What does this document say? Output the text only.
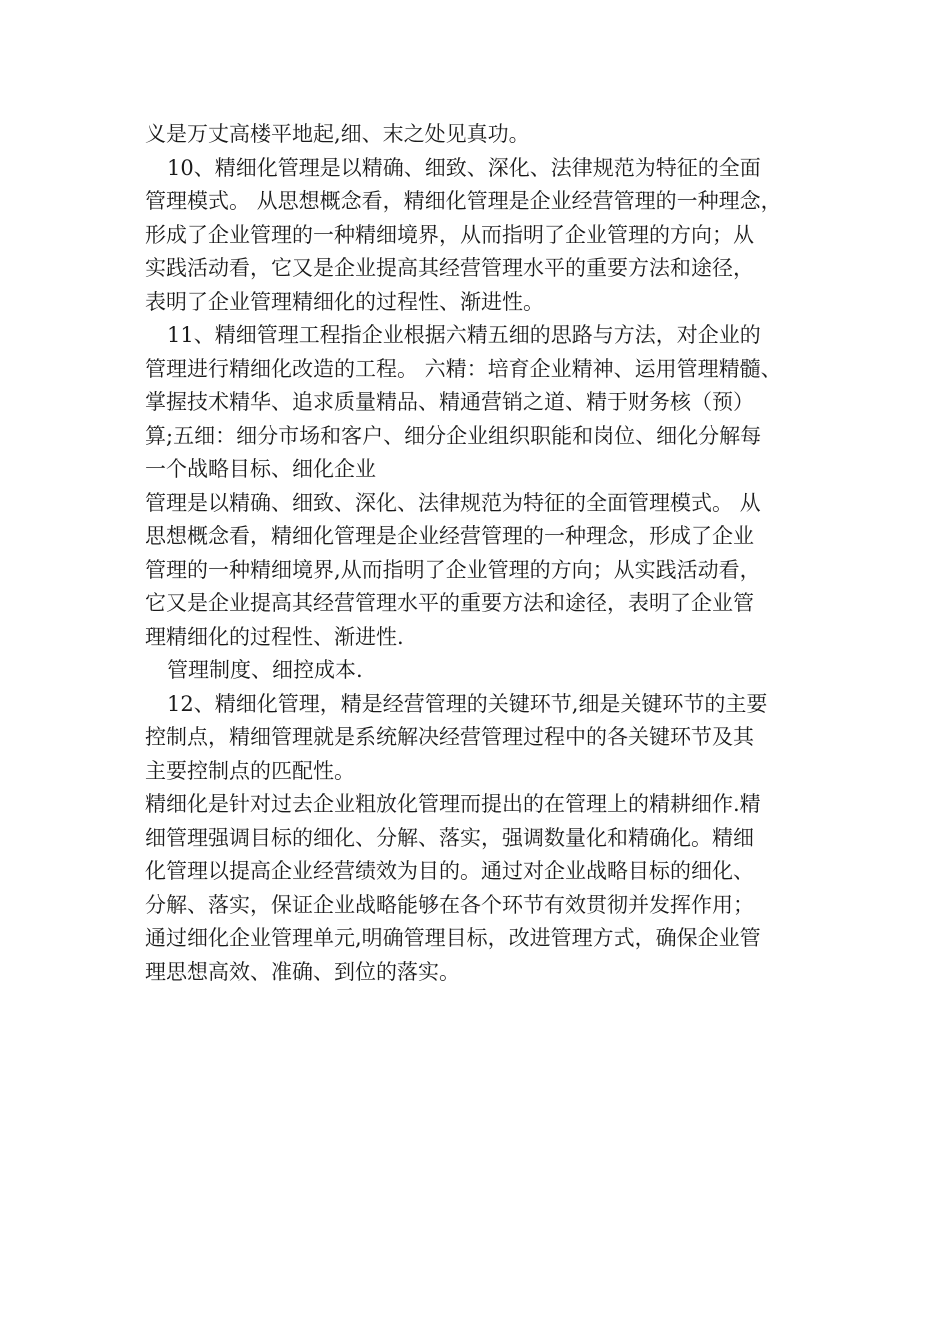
义是万丈高楼平地起,细、末之处见真功。
10、精细化管理是以精确、细致、深化、法律规范为特征的全面
管理模式。 从思想概念看，精细化管理是企业经营管理的一种理念，
形成了企业管理的一种精细境界，从而指明了企业管理的方向；从
实践活动看，它又是企业提高其经营管理水平的重要方法和途径，
表明了企业管理精细化的过程性、渐进性。
11、精细管理工程指企业根据六精五细的思路与方法，对企业的
管理进行精细化改造的工程。 六精：培育企业精神、运用管理精髓、
掌握技术精华、追求质量精品、精通营销之道、精于财务核（预）
算;五细：细分市场和客户、细分企业组织职能和岗位、细化分解每
一个战略目标、细化企业
管理是以精确、细致、深化、法律规范为特征的全面管理模式。 从
思想概念看，精细化管理是企业经营管理的一种理念，形成了企业
管理的一种精细境界,从而指明了企业管理的方向；从实践活动看，
它又是企业提高其经营管理水平的重要方法和途径，表明了企业管
理精细化的过程性、渐进性.
管理制度、细控成本.
12、精细化管理，精是经营管理的关键环节,细是关键环节的主要
控制点，精细管理就是系统解决经营管理过程中的各关键环节及其
主要控制点的匹配性。
精细化是针对过去企业粗放化管理而提出的在管理上的精耕细作.精
细管理强调目标的细化、分解、落实，强调数量化和精确化。精细
化管理以提高企业经营绩效为目的。通过对企业战略目标的细化、
分解、落实，保证企业战略能够在各个环节有效贯彻并发挥作用；
通过细化企业管理单元,明确管理目标，改进管理方式，确保企业管
理思想高效、准确、到位的落实。
